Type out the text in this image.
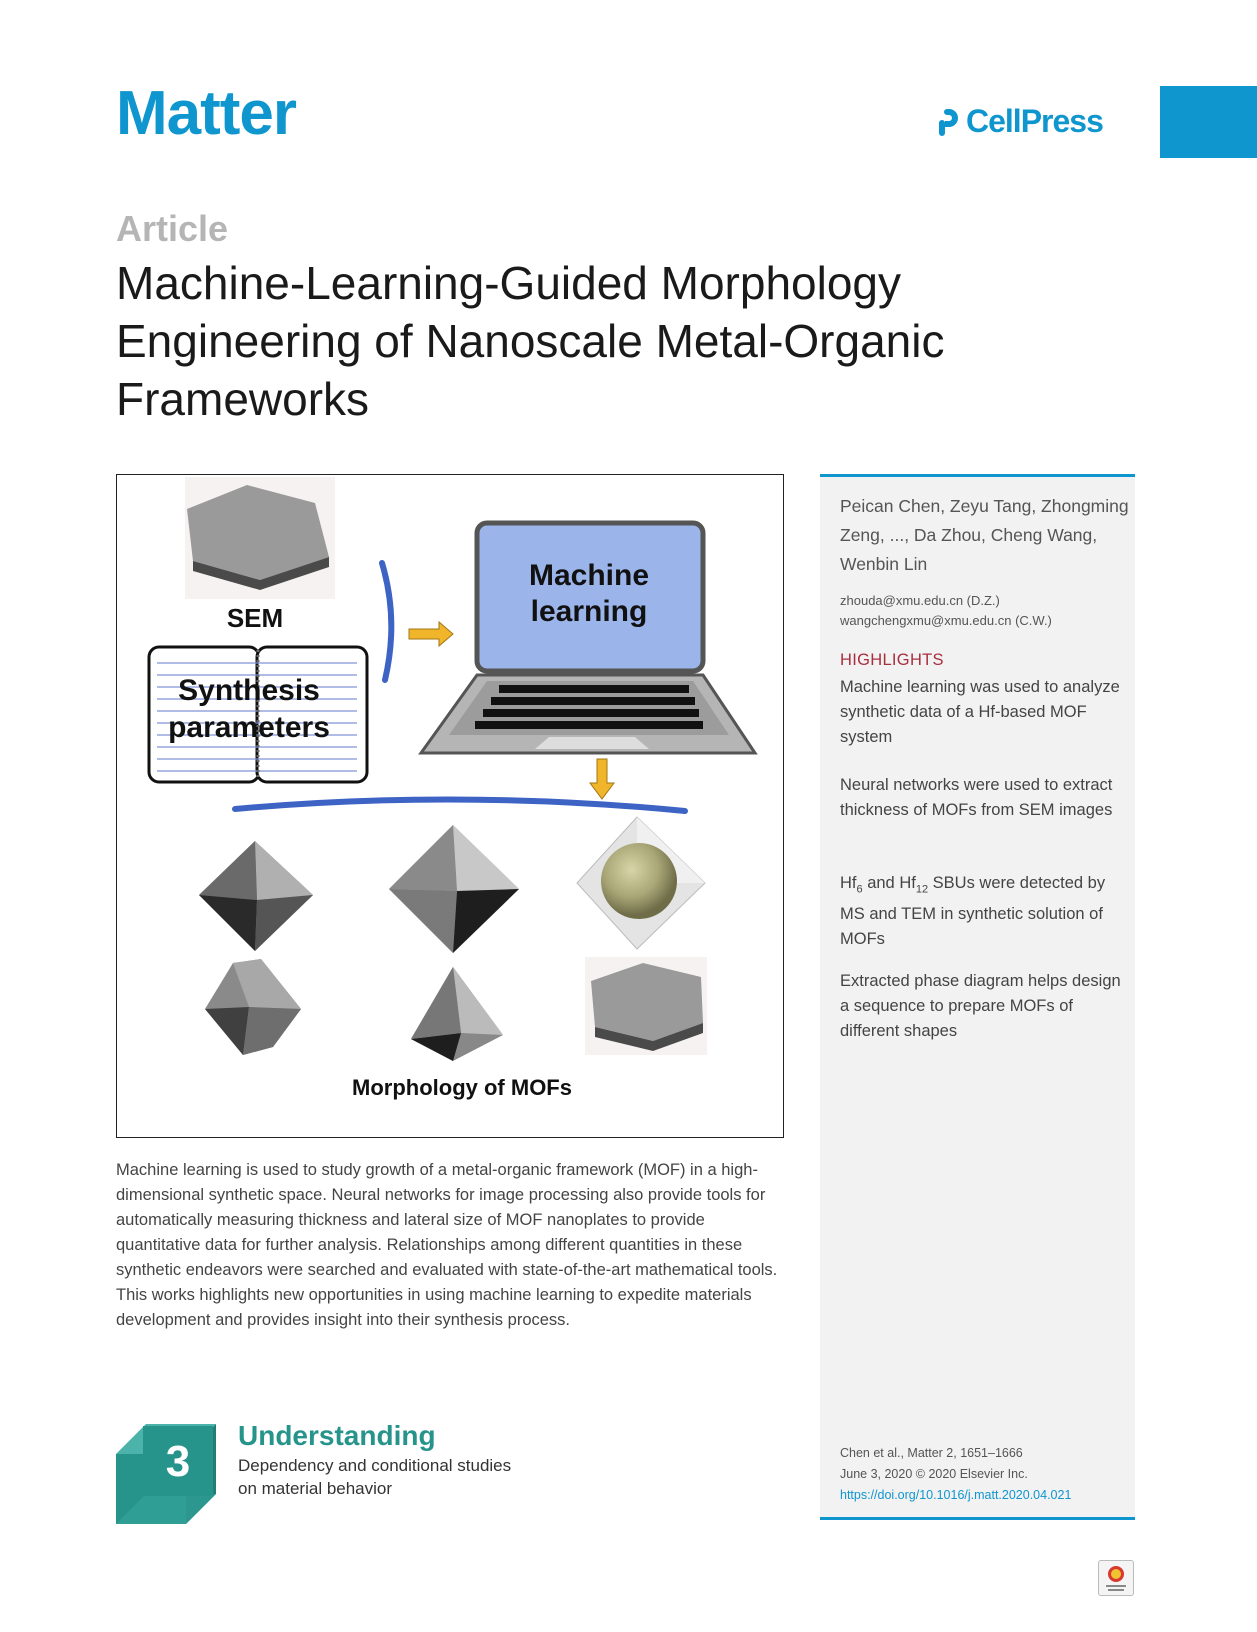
Matter	CellPress
Article
Machine-Learning-Guided Morphology Engineering of Nanoscale Metal-Organic Frameworks
SEM
Synthesis
parameters
Machine
learning
Morphology of MOFs
Machine learning is used to study growth of a metal-organic framework (MOF) in a high-dimensional synthetic space. Neural networks for image processing also provide tools for automatically measuring thickness and lateral size of MOF nanoplates to provide quantitative data for further analysis. Relationships among different quantities in these synthetic endeavors were searched and evaluated with state-of-the-art mathematical tools. This works highlights new opportunities in using machine learning to expedite materials development and provides insight into their synthesis process.
Peican Chen, Zeyu Tang, Zhongming Zeng, ..., Da Zhou, Cheng Wang, Wenbin Lin
zhouda@xmu.edu.cn (D.Z.)
wangchengxmu@xmu.edu.cn (C.W.)
HIGHLIGHTS
Machine learning was used to analyze synthetic data of a Hf-based MOF system
Neural networks were used to extract thickness of MOFs from SEM images
$Hf_6$ and $Hf_{12}$ SBUs were detected by MS and TEM in synthetic solution of MOFs
Extracted phase diagram helps design a sequence to prepare MOFs of different shapes
Chen et al., Matter 2, 1651–1666
June 3, 2020 © 2020 Elsevier Inc.
https://doi.org/10.1016/j.matt.2020.04.021
3
Understanding
Dependency and conditional studies
on material behavior
